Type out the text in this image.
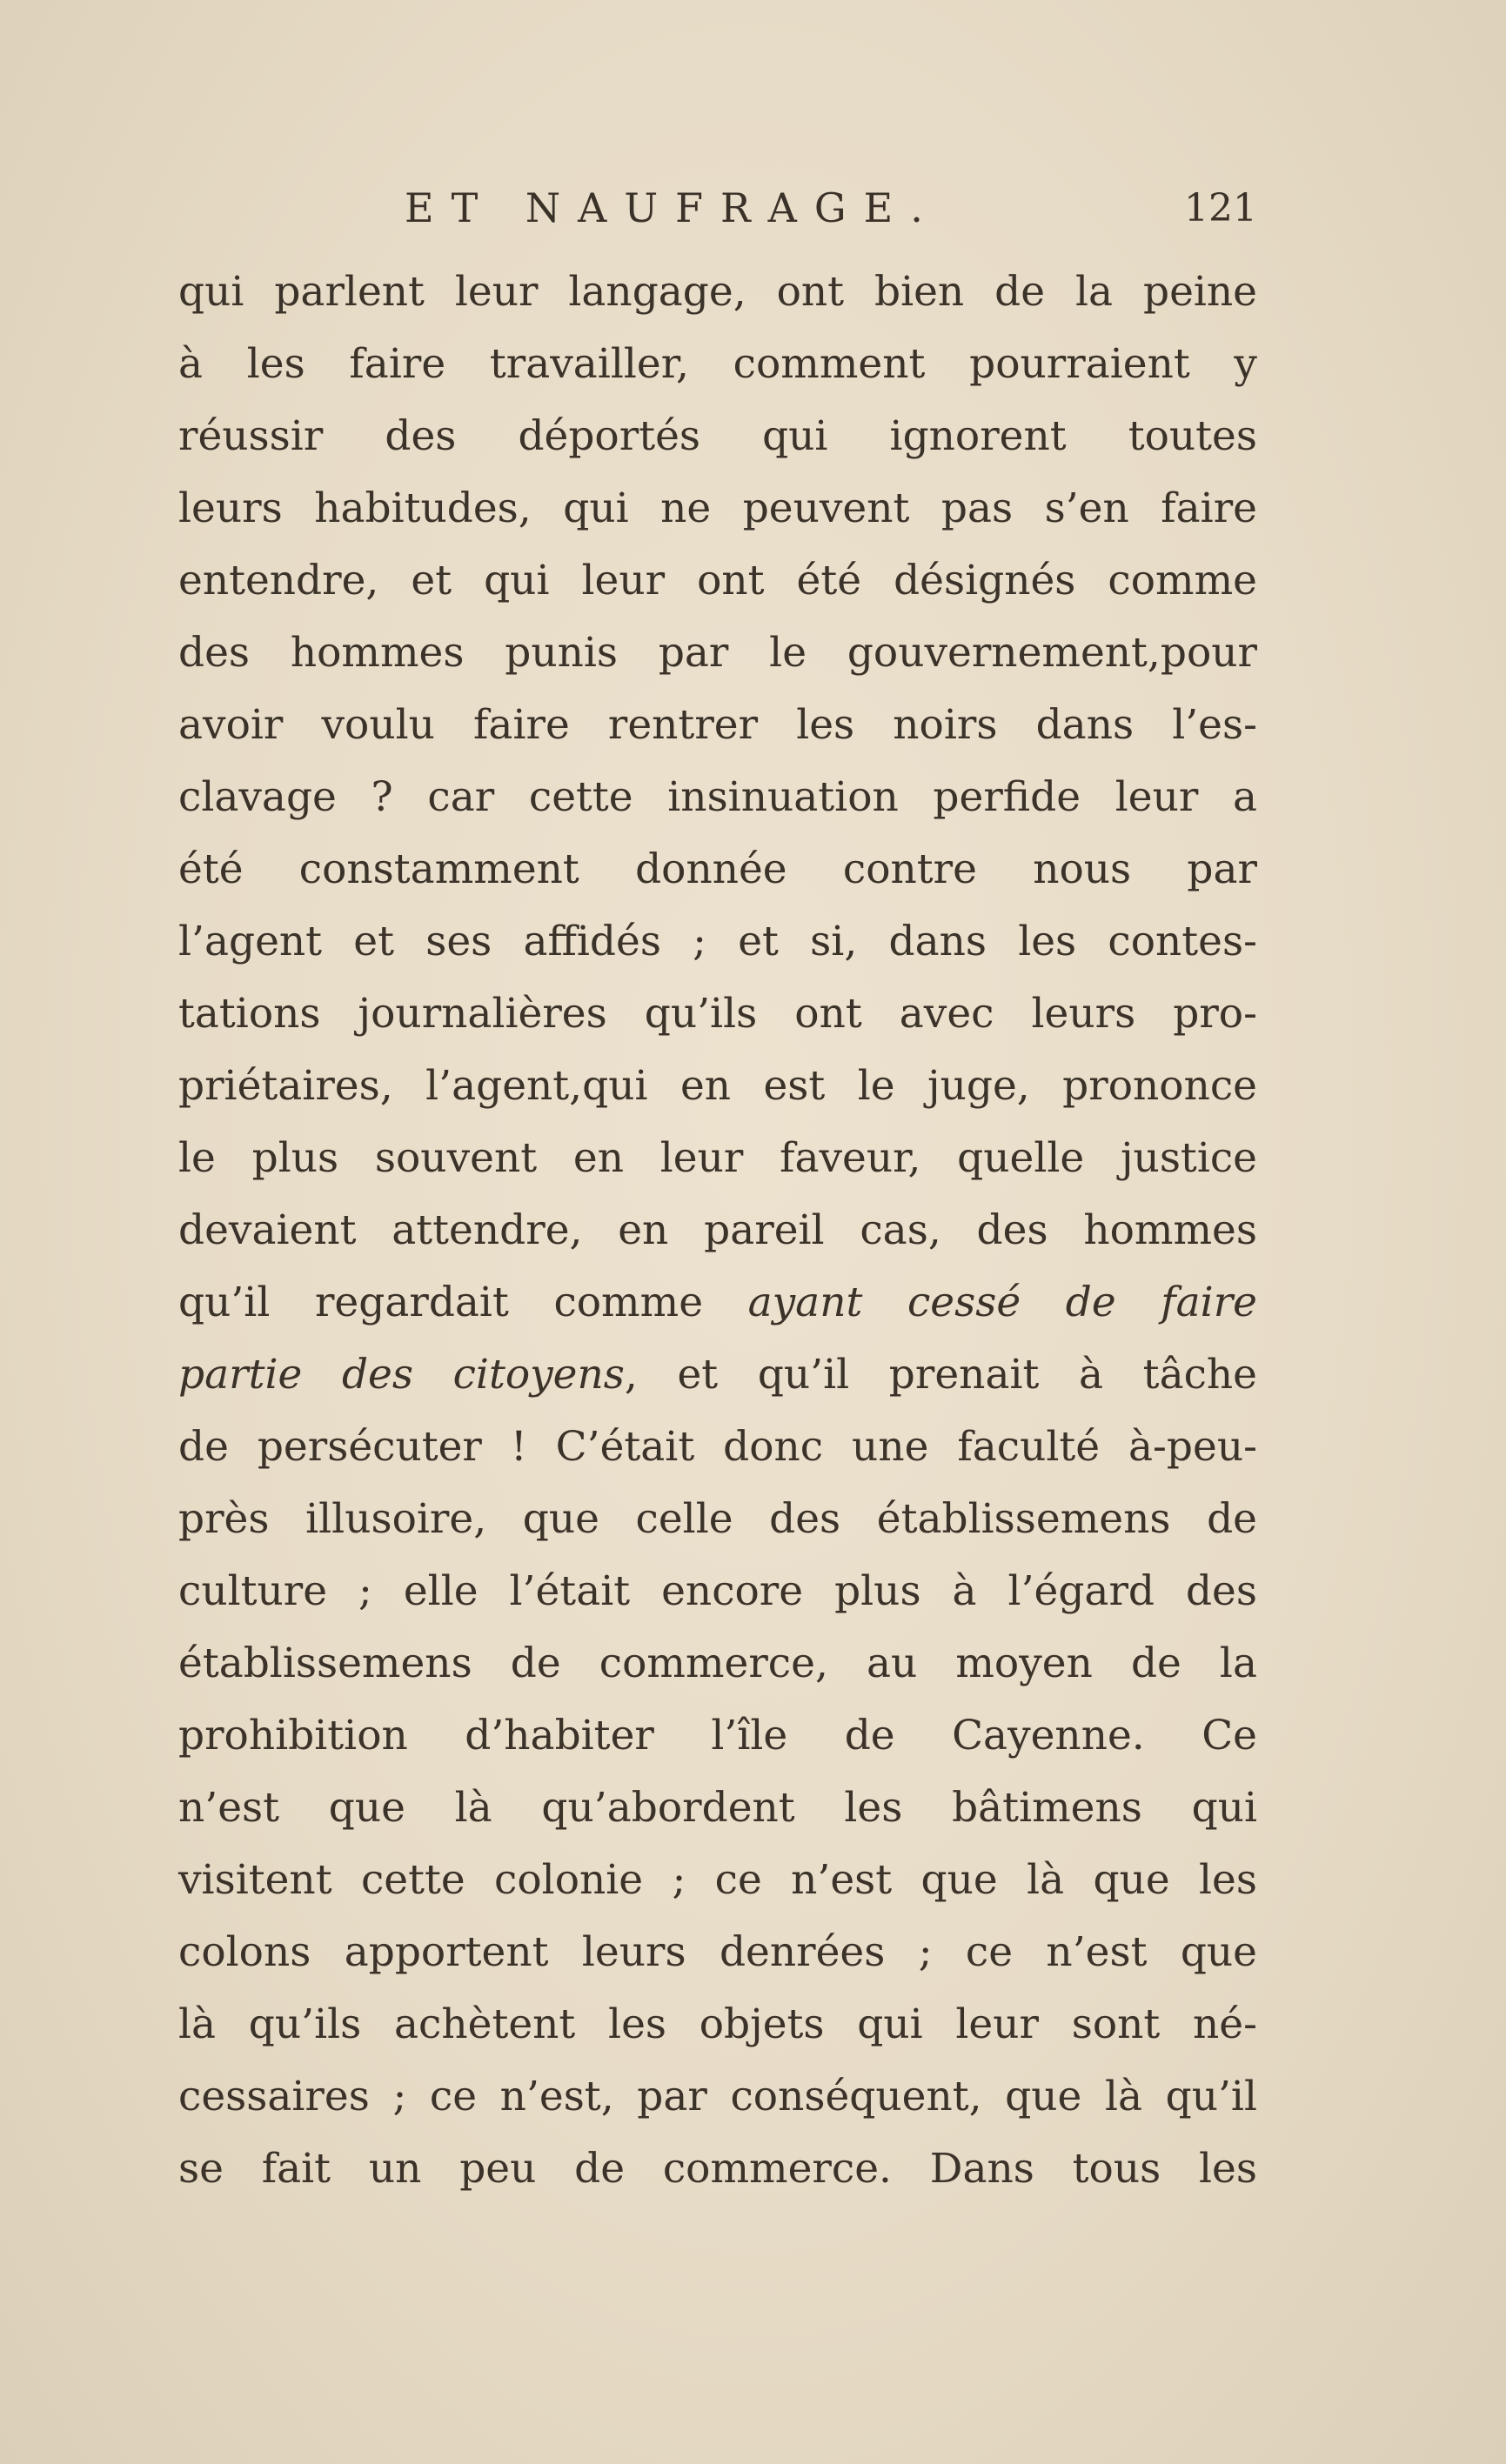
ET NAUFRAGE.	121
qui parlent leur langage, ont bien de la peine
à les faire travailler, comment pourraient y
réussir des déportés qui ignorent toutes
leurs habitudes, qui ne peuvent pas s’en faire
entendre, et qui leur ont été désignés comme
des hommes punis par le gouvernement,pour
avoir voulu faire rentrer les noirs dans l’es-
clavage ? car cette insinuation perfide leur a
été constamment donnée contre nous par
l’agent et ses affidés ; et si, dans les contes-
tations journalières qu’ils ont avec leurs pro-
priétaires, l’agent,qui en est le juge, prononce
le plus souvent en leur faveur, quelle justice
devaient attendre, en pareil cas, des hommes
qu’il regardait comme ayant cessé de faire
partie des citoyens, et qu’il prenait à tâche
de persécuter ! C’était donc une faculté à-peu-
près illusoire, que celle des établissemens de
culture ; elle l’était encore plus à l’égard des
établissemens de commerce, au moyen de la
prohibition d’habiter l’île de Cayenne. Ce
n’est que là qu’abordent les bâtimens qui
visitent cette colonie ; ce n’est que là que les
colons apportent leurs denrées ; ce n’est que
là qu’ils achètent les objets qui leur sont né-
cessaires ; ce n’est, par conséquent, que là qu’il
se fait un peu de commerce. Dans tous les
